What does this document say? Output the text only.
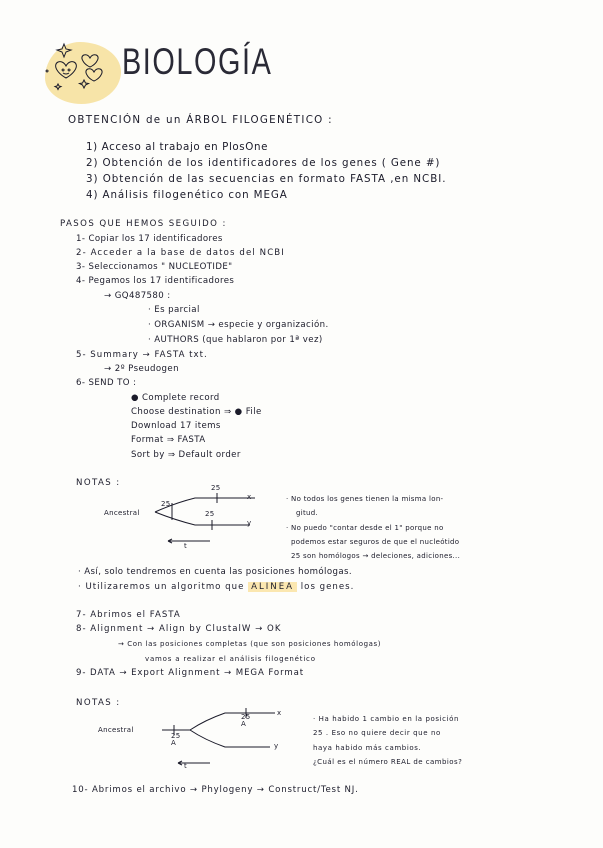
BIOLOGÍA
OBTENCIÓN de un ÁRBOL FILOGENÉTICO :
1) Acceso al trabajo en PlosOne
2) Obtención de los identificadores de los genes ( Gene #)
3) Obtención de las secuencias en formato FASTA ,en NCBI.
4) Análisis filogenético con MEGA
PASOS QUE HEMOS SEGUIDO :
1- Copiar los 17 identificadores
2- Acceder a la base de datos del NCBI
3- Seleccionamos " NUCLEOTIDE"
4- Pegamos los 17 identificadores
→ GQ487580 :
· Es parcial
· ORGANISM → especie y organización.
· AUTHORS (que hablaron por 1ª vez)
5- Summary → FASTA txt.
→ 2º Pseudogen
6- SEND TO :
● Complete record
Choose destination ⇒ ● File
Download 17 items
Format ⇒ FASTA
Sort by ⇒ Default order
NOTAS :
Ancestral
x
y
25
25
25
t
· No todos los genes tienen la misma lon-
gitud.
· No puedo "contar desde el 1" porque no
podemos estar seguros de que el nucleótido
25 son homólogos → deleciones, adiciones...
· Así, solo tendremos en cuenta las posiciones homólogas.
· Utilizaremos un algoritmo que ALINEA los genes.
7- Abrimos el FASTA
8- Alignment → Align by ClustalW → OK
→ Con las posiciones completas (que son posiciones homólogas)
vamos a realizar el análisis filogenético
9- DATA → Export Alignment → MEGA Format
NOTAS :
Ancestral
x
y
25
A
25
A
t
· Ha habido 1 cambio en la posición
25 . Eso no quiere decir que no
haya habido más cambios.
¿Cuál es el número REAL de cambios?
10- Abrimos el archivo → Phylogeny → Construct/Test NJ.
